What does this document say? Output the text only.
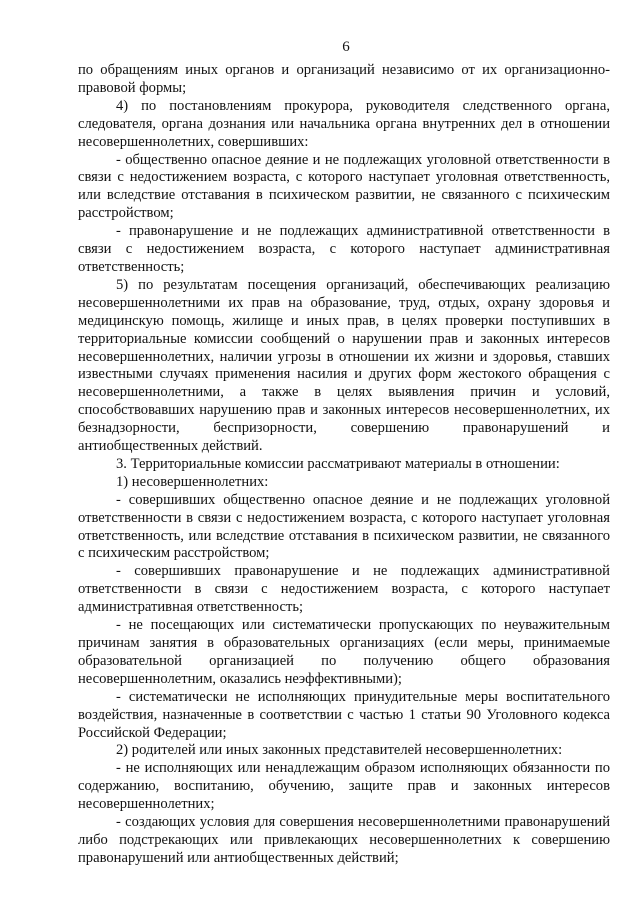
6

по обращениям иных органов и организаций независимо от их организационно-правовой формы;

4) по постановлениям прокурора, руководителя следственного органа, следователя, органа дознания или начальника органа внутренних дел в отношении несовершеннолетних, совершивших:

- общественно опасное деяние и не подлежащих уголовной ответственности в связи с недостижением возраста, с которого наступает уголовная ответственность, или вследствие отставания в психическом развитии, не связанного с психическим расстройством;

- правонарушение и не подлежащих административной ответственности в связи с недостижением возраста, с которого наступает административная ответственность;

5) по результатам посещения организаций, обеспечивающих реализацию несовершеннолетними их прав на образование, труд, отдых, охрану здоровья и медицинскую помощь, жилище и иных прав, в целях проверки поступивших в территориальные комиссии сообщений о нарушении прав и законных интересов несовершеннолетних, наличии угрозы в отношении их жизни и здоровья, ставших известными случаях применения насилия и других форм жестокого обращения с несовершеннолетними, а также в целях выявления причин и условий, способствовавших нарушению прав и законных интересов несовершеннолетних, их безнадзорности, беспризорности, совершению правонарушений и антиобщественных действий.

3. Территориальные комиссии рассматривают материалы в отношении:

1) несовершеннолетних:

- совершивших общественно опасное деяние и не подлежащих уголовной ответственности в связи с недостижением возраста, с которого наступает уголовная ответственность, или вследствие отставания в психическом развитии, не связанного с психическим расстройством;

- совершивших правонарушение и не подлежащих административной ответственности в связи с недостижением возраста, с которого наступает административная ответственность;

- не посещающих или систематически пропускающих по неуважительным причинам занятия в образовательных организациях (если меры, принимаемые образовательной организацией по получению общего образования несовершеннолетним, оказались неэффективными);

- систематически не исполняющих принудительные меры воспитательного воздействия, назначенные в соответствии с частью 1 статьи 90 Уголовного кодекса Российской Федерации;

2) родителей или иных законных представителей несовершеннолетних:

- не исполняющих или ненадлежащим образом исполняющих обязанности по содержанию, воспитанию, обучению, защите прав и законных интересов несовершеннолетних;

- создающих условия для совершения несовершеннолетними правонарушений либо подстрекающих или привлекающих несовершеннолетних к совершению правонарушений или антиобщественных действий;
